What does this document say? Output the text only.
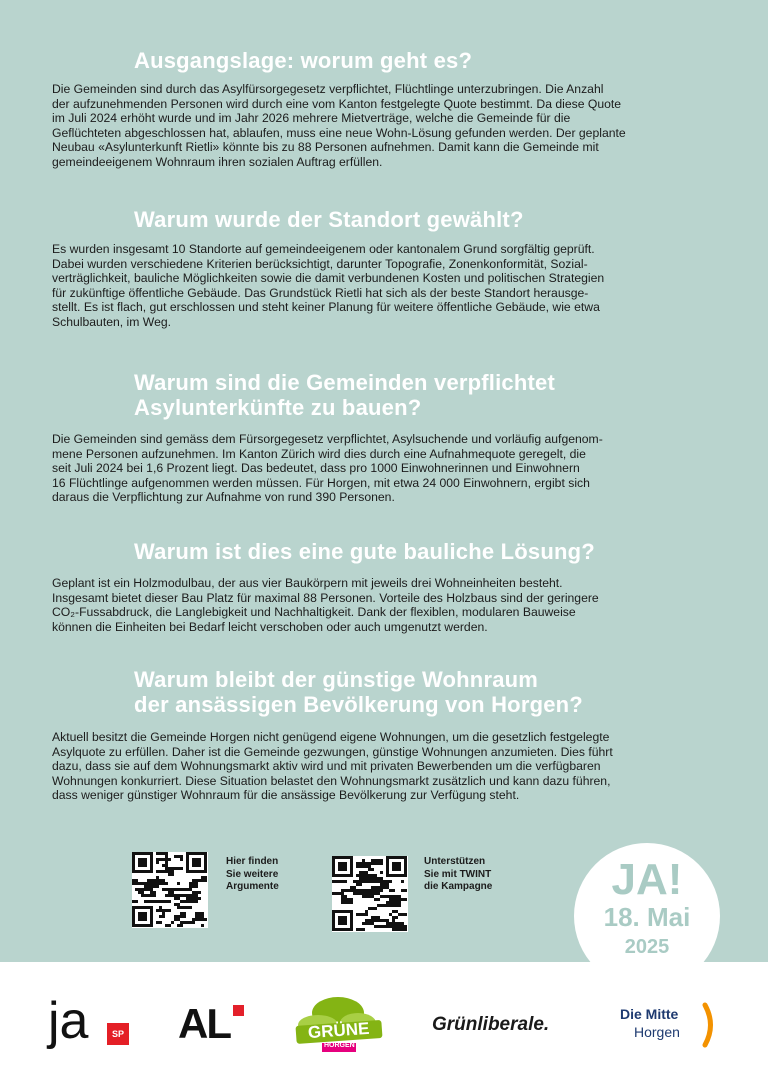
Ausgangslage: worum geht es?

Die Gemeinden sind durch das Asylfürsorgegesetz verpflichtet, Flüchtlinge unterzubringen. Die Anzahl
der aufzunehmenden Personen wird durch eine vom Kanton festgelegte Quote bestimmt. Da diese Quote
im Juli 2024 erhöht wurde und im Jahr 2026 mehrere Mietverträge, welche die Gemeinde für die
Geflüchteten abgeschlossen hat, ablaufen, muss eine neue Wohn-Lösung gefunden werden. Der geplante
Neubau «Asylunterkunft Rietli» könnte bis zu 88 Personen aufnehmen. Damit kann die Gemeinde mit
gemeindeeigenem Wohnraum ihren sozialen Auftrag erfüllen.

Warum wurde der Standort gewählt?

Es wurden insgesamt 10 Standorte auf gemeindeeigenem oder kantonalem Grund sorgfältig geprüft.
Dabei wurden verschiedene Kriterien berücksichtigt, darunter Topografie, Zonenkonformität, Sozial-
verträglichkeit, bauliche Möglichkeiten sowie die damit verbundenen Kosten und politischen Strategien
für zukünftige öffentliche Gebäude. Das Grundstück Rietli hat sich als der beste Standort herausge-
stellt. Es ist flach, gut erschlossen und steht keiner Planung für weitere öffentliche Gebäude, wie etwa
Schulbauten, im Weg.

Warum sind die Gemeinden verpflichtet
Asylunterkünfte zu bauen?

Die Gemeinden sind gemäss dem Fürsorgegesetz verpflichtet, Asylsuchende und vorläufig aufgenom-
mene Personen aufzunehmen. Im Kanton Zürich wird dies durch eine Aufnahmequote geregelt, die
seit Juli 2024 bei 1,6 Prozent liegt. Das bedeutet, dass pro 1000 Einwohnerinnen und Einwohnern
16 Flüchtlinge aufgenommen werden müssen. Für Horgen, mit etwa 24 000 Einwohnern, ergibt sich
daraus die Verpflichtung zur Aufnahme von rund 390 Personen.

Warum ist dies eine gute bauliche Lösung?

Geplant ist ein Holzmodulbau, der aus vier Baukörpern mit jeweils drei Wohneinheiten besteht.
Insgesamt bietet dieser Bau Platz für maximal 88 Personen. Vorteile des Holzbaus sind der geringere
CO₂-Fussabdruck, die Langlebigkeit und Nachhaltigkeit. Dank der flexiblen, modularen Bauweise
können die Einheiten bei Bedarf leicht verschoben oder auch umgenutzt werden.

Warum bleibt der günstige Wohnraum
der ansässigen Bevölkerung von Horgen?

Aktuell besitzt die Gemeinde Horgen nicht genügend eigene Wohnungen, um die gesetzlich festgelegte
Asylquote zu erfüllen. Daher ist die Gemeinde gezwungen, günstige Wohnungen anzumieten. Dies führt
dazu, dass sie auf dem Wohnungsmarkt aktiv wird und mit privaten Bewerbenden um die verfügbaren
Wohnungen konkurriert. Diese Situation belastet den Wohnungsmarkt zusätzlich und kann dazu führen,
dass weniger günstiger Wohnraum für die ansässige Bevölkerung zur Verfügung steht.

Hier finden
Sie weitere
Argumente
Unterstützen
Sie mit TWINT
die Kampagne	JA!
18. Mai
2025
ja	SP AL	GRÜNE
HORGEN
Grünliberale.	Die Mitte
Horgen
